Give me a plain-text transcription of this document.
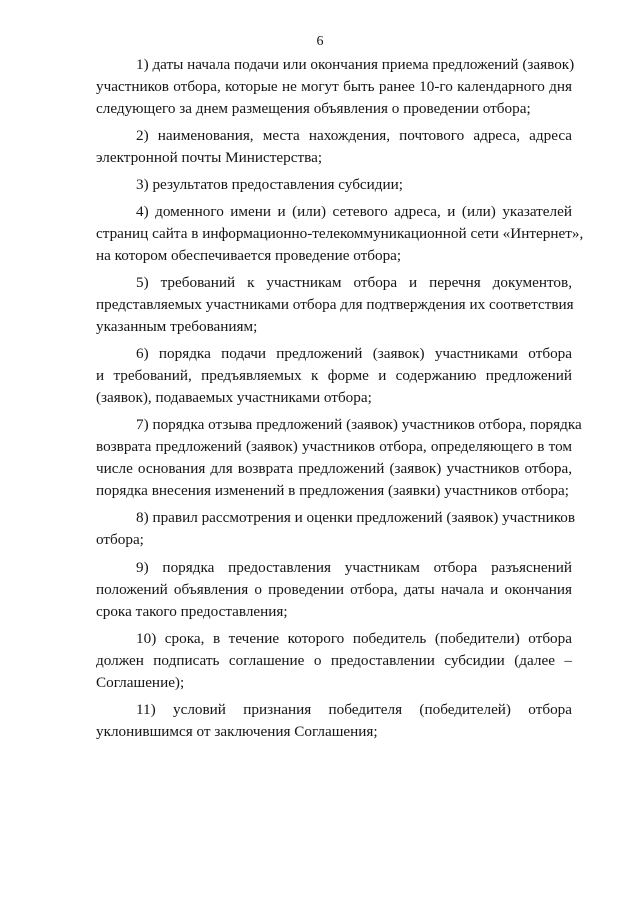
6
1) даты начала подачи или окончания приема предложений (заявок)
участников отбора, которые не могут быть ранее 10-го календарного дня
следующего за днем размещения объявления о проведении отбора;
2) наименования, места нахождения, почтового адреса, адреса
электронной почты Министерства;
3) результатов предоставления субсидии;
4) доменного имени и (или) сетевого адреса, и (или) указателей
страниц сайта в информационно-телекоммуникационной сети «Интернет»,
на котором обеспечивается проведение отбора;
5) требований к участникам отбора и перечня документов,
представляемых участниками отбора для подтверждения их соответствия
указанным требованиям;
6) порядка подачи предложений (заявок) участниками отбора
и требований, предъявляемых к форме и содержанию предложений
(заявок), подаваемых участниками отбора;
7) порядка отзыва предложений (заявок) участников отбора, порядка
возврата предложений (заявок) участников отбора, определяющего в том
числе основания для возврата предложений (заявок) участников отбора,
порядка внесения изменений в предложения (заявки) участников отбора;
8) правил рассмотрения и оценки предложений (заявок) участников
отбора;
9) порядка предоставления участникам отбора разъяснений
положений объявления о проведении отбора, даты начала и окончания
срока такого предоставления;
10) срока, в течение которого победитель (победители) отбора
должен подписать соглашение о предоставлении субсидии (далее –
Соглашение);
11) условий признания победителя (победителей) отбора
уклонившимся от заключения Соглашения;
